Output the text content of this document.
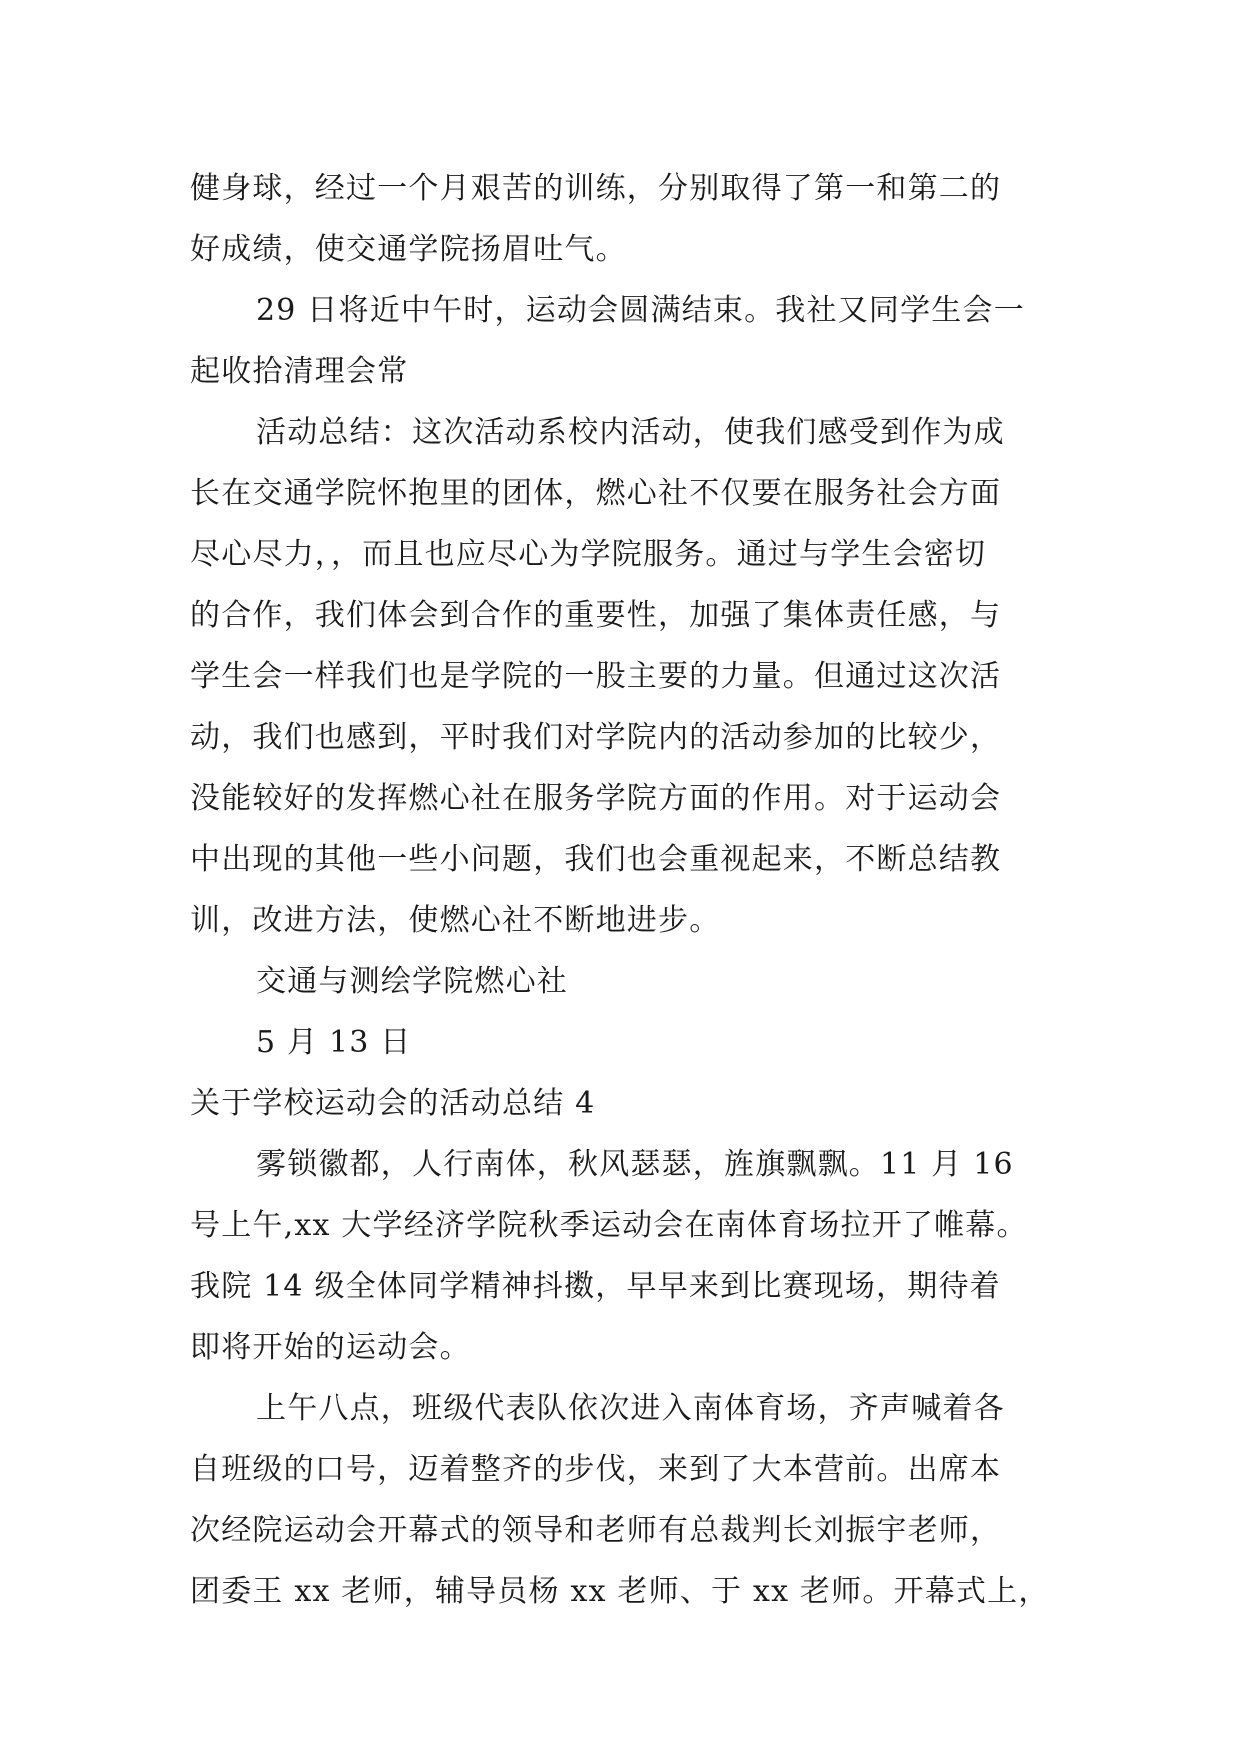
健身球，经过一个月艰苦的训练，分别取得了第一和第二的
好成绩，使交通学院扬眉吐气。
29 日将近中午时，运动会圆满结束。我社又同学生会一
起收拾清理会常
活动总结：这次活动系校内活动，使我们感受到作为成
长在交通学院怀抱里的团体，燃心社不仅要在服务社会方面
尽心尽力，，而且也应尽心为学院服务。通过与学生会密切
的合作，我们体会到合作的重要性，加强了集体责任感，与
学生会一样我们也是学院的一股主要的力量。但通过这次活
动，我们也感到，平时我们对学院内的活动参加的比较少，
没能较好的发挥燃心社在服务学院方面的作用。对于运动会
中出现的其他一些小问题，我们也会重视起来，不断总结教
训，改进方法，使燃心社不断地进步。
交通与测绘学院燃心社
5 月 13 日
关于学校运动会的活动总结 4
雾锁徽都，人行南体，秋风瑟瑟，旌旗飘飘。11 月 16
号上午,xx 大学经济学院秋季运动会在南体育场拉开了帷幕。
我院 14 级全体同学精神抖擞，早早来到比赛现场，期待着
即将开始的运动会。
上午八点，班级代表队依次进入南体育场，齐声喊着各
自班级的口号，迈着整齐的步伐，来到了大本营前。出席本
次经院运动会开幕式的领导和老师有总裁判长刘振宇老师，
团委王 xx 老师，辅导员杨 xx 老师、于 xx 老师。开幕式上，
